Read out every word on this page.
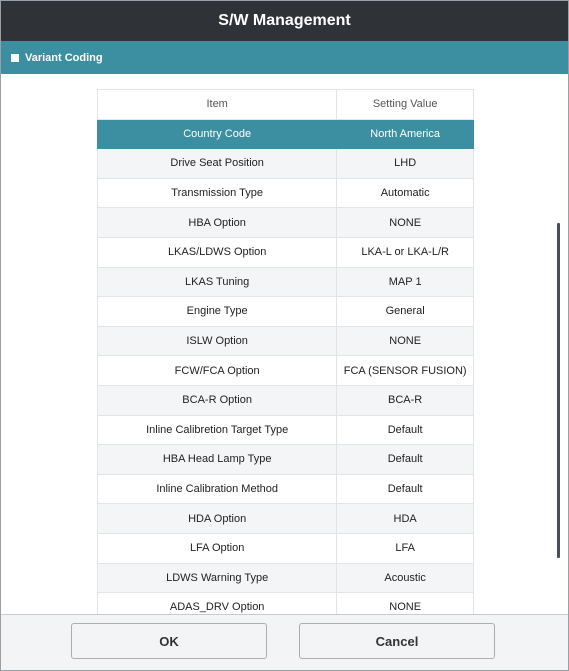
S/W Management
Variant Coding
Item	Setting Value
Country Code	North America
Drive Seat Position	LHD
Transmission Type	Automatic
HBA Option	NONE
LKAS/LDWS Option	LKA-L or LKA-L/R
LKAS Tuning	MAP 1
Engine Type	General
ISLW Option	NONE
FCW/FCA Option	FCA (SENSOR FUSION)
BCA-R Option	BCA-R
Inline Calibretion Target Type	Default
HBA Head Lamp Type	Default
Inline Calibration Method	Default
HDA Option	HDA
LFA Option	LFA
LDWS Warning Type	Acoustic
ADAS_DRV Option	NONE
OK	Cancel
